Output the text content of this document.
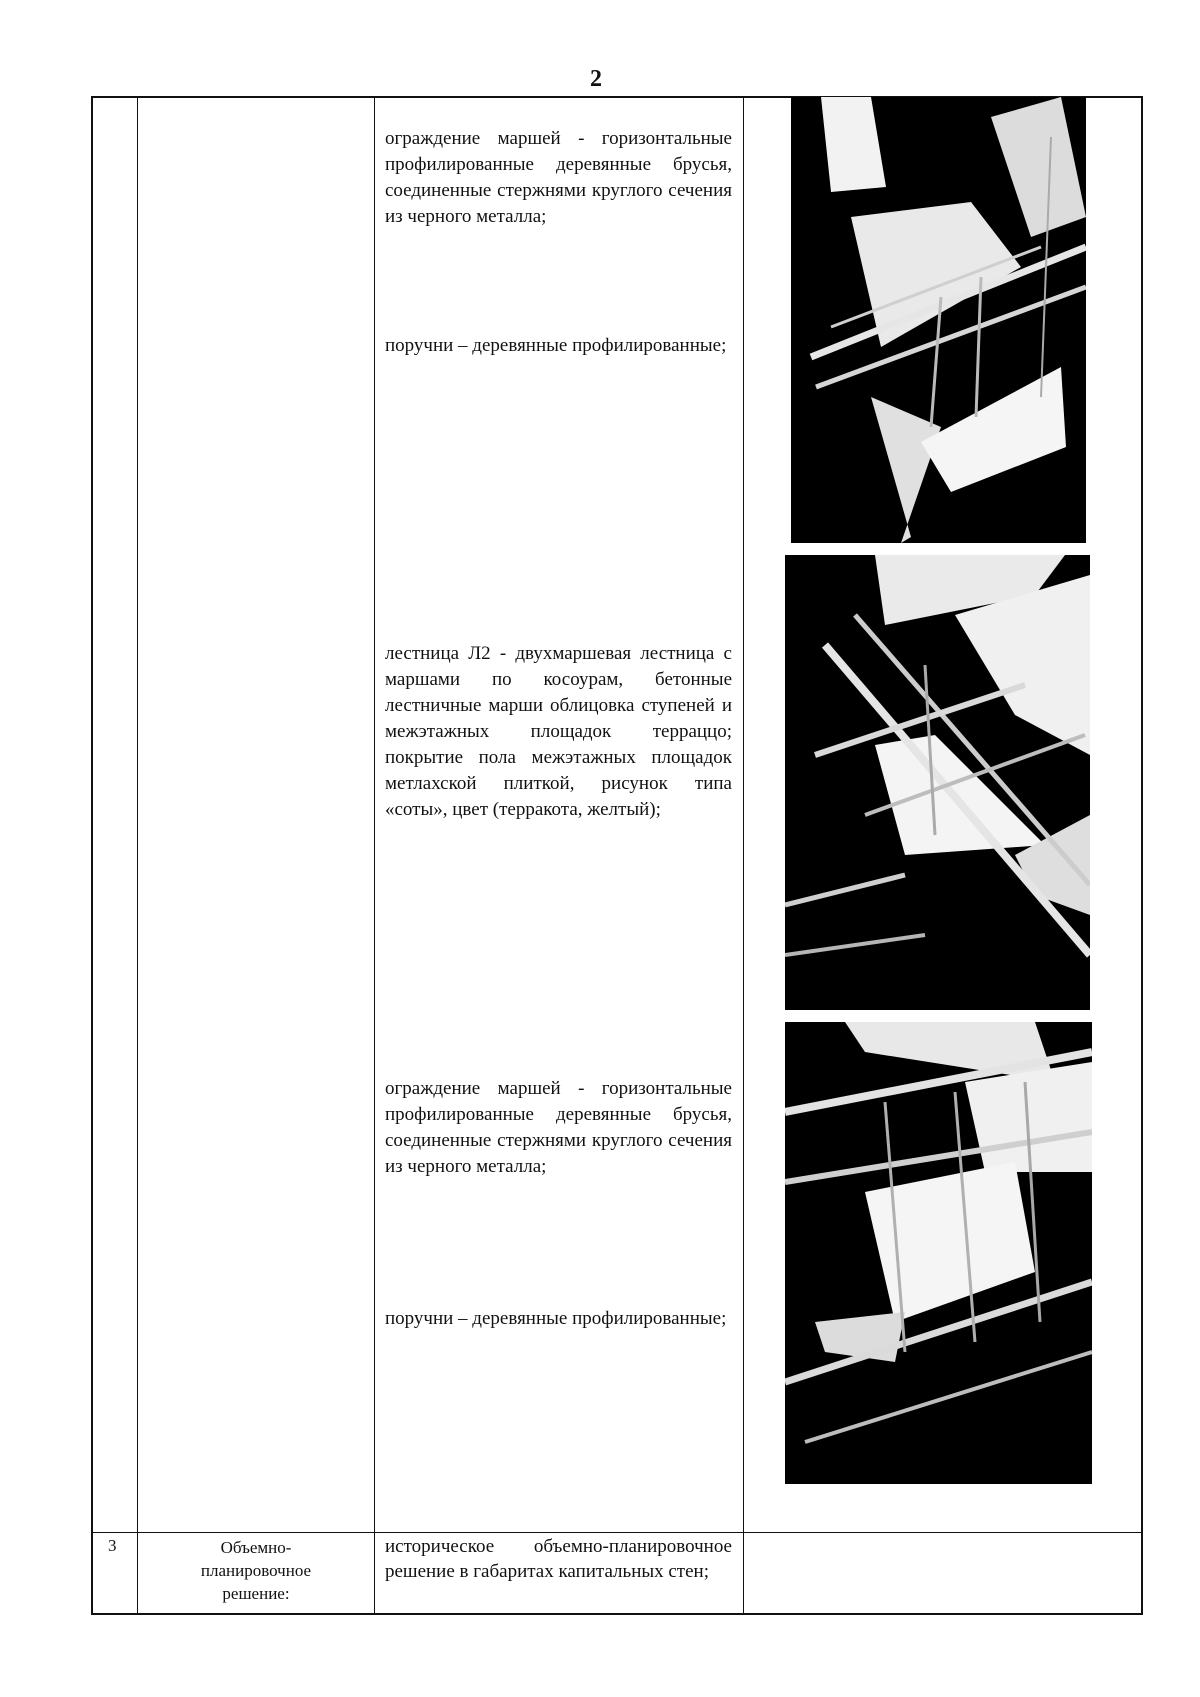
2
ограждение маршей - горизонтальные профилированные деревянные брусья, соединенные стержнями круглого сечения из черного металла;
поручни – деревянные профилированные;
лестница Л2 - двухмаршевая лестница с маршами по косоурам, бетонные лестничные марши облицовка ступеней и межэтажных площадок терраццо; покрытие пола межэтажных площадок метлахской плиткой, рисунок типа «соты», цвет (терракота, желтый);
ограждение маршей - горизонтальные профилированные деревянные брусья, соединенные стержнями круглого сечения из черного металла;
поручни – деревянные профилированные;
3	Объемно-
планировочное
решение:
историческое объемно-планировочное решение в габаритах капитальных стен;
